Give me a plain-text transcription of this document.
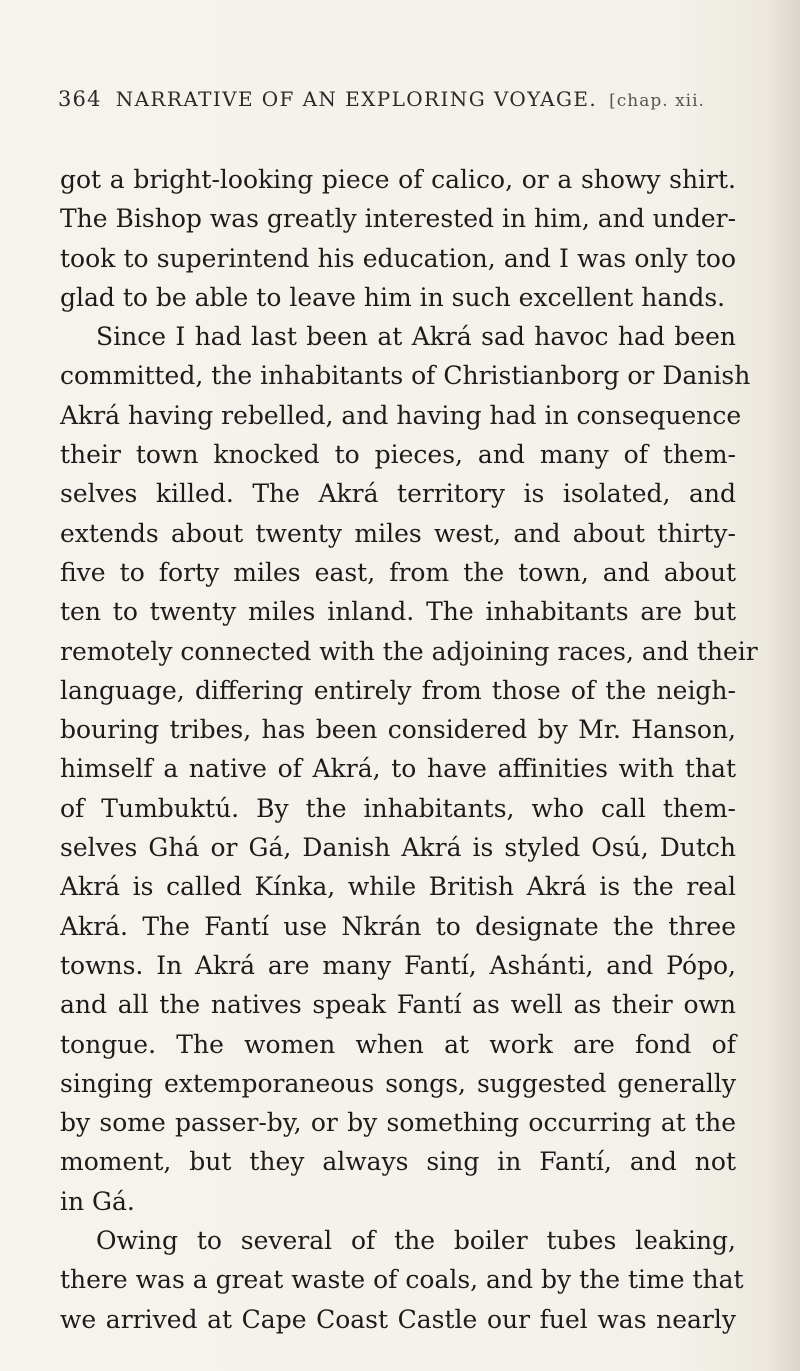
364 NARRATIVE OF AN EXPLORING VOYAGE. [chap. xii.
got a bright-looking piece of calico, or a showy shirt.
The Bishop was greatly interested in him, and under-
took to superintend his education, and I was only too
glad to be able to leave him in such excellent hands.
Since I had last been at Akrá sad havoc had been
committed, the inhabitants of Christianborg or Danish
Akrá having rebelled, and having had in consequence
their town knocked to pieces, and many of them-
selves killed. The Akrá territory is isolated, and
extends about twenty miles west, and about thirty-
five to forty miles east, from the town, and about
ten to twenty miles inland. The inhabitants are but
remotely connected with the adjoining races, and their
language, differing entirely from those of the neigh-
bouring tribes, has been considered by Mr. Hanson,
himself a native of Akrá, to have affinities with that
of Tumbuktú. By the inhabitants, who call them-
selves Ghá or Gá, Danish Akrá is styled Osú, Dutch
Akrá is called Kínka, while British Akrá is the real
Akrá. The Fantí use Nkrán to designate the three
towns. In Akrá are many Fantí, Ashánti, and Pópo,
and all the natives speak Fantí as well as their own
tongue. The women when at work are fond of
singing extemporaneous songs, suggested generally
by some passer-by, or by something occurring at the
moment, but they always sing in Fantí, and not
in Gá.
Owing to several of the boiler tubes leaking,
there was a great waste of coals, and by the time that
we arrived at Cape Coast Castle our fuel was nearly
